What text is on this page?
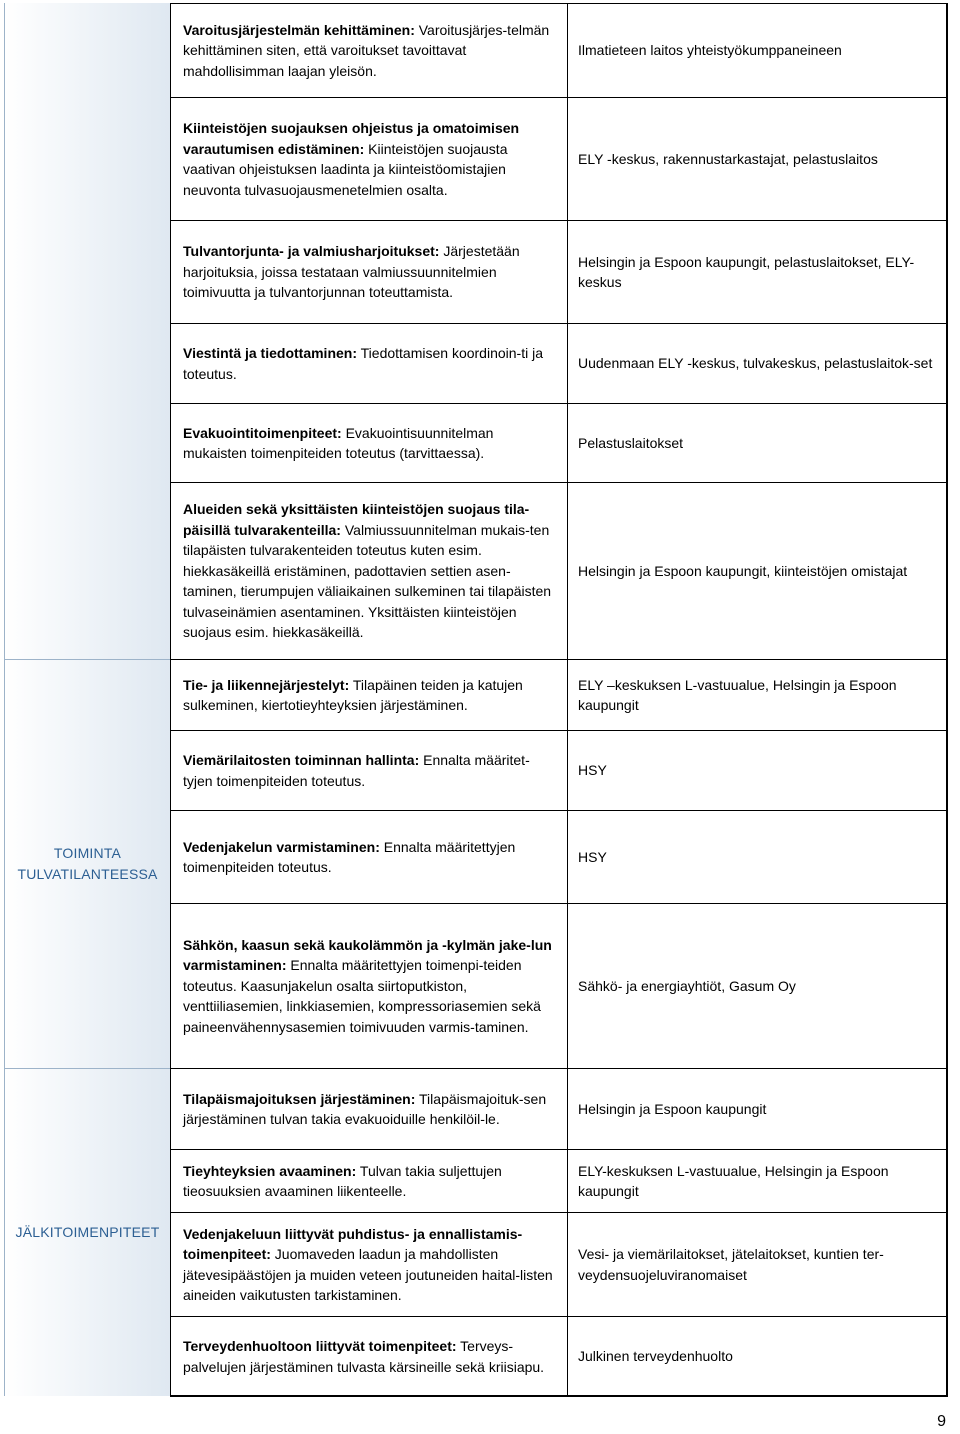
TOIMINTA
TULVATILANTEESSA
JÄLKITOIMENPITEET
Varoitusjärjestelmän kehittäminen: Varoitusjärjes-telmän kehittäminen siten, että varoitukset tavoittavat mahdollisimman laajan yleisön.
Ilmatieteen laitos yhteistyökumppaneineen
Kiinteistöjen suojauksen ohjeistus ja omatoimisen varautumisen edistäminen: Kiinteistöjen suojausta vaativan ohjeistuksen laadinta ja kiinteistöomistajien neuvonta tulvasuojausmenetelmien osalta.
ELY -keskus, rakennustarkastajat, pelastuslaitos
Tulvantorjunta- ja valmiusharjoitukset: Järjestetään harjoituksia, joissa testataan valmiussuunnitelmien toimivuutta ja tulvantorjunnan toteuttamista.
Helsingin ja Espoon kaupungit, pelastuslaitokset, ELY-keskus
Viestintä ja tiedottaminen: Tiedottamisen koordinoin-ti ja toteutus.
Uudenmaan ELY -keskus, tulvakeskus, pelastuslaitok-set
Evakuointitoimenpiteet: Evakuointisuunnitelman mukaisten toimenpiteiden toteutus (tarvittaessa).
Pelastuslaitokset
Alueiden sekä yksittäisten kiinteistöjen suojaus tila-päisillä tulvarakenteilla: Valmiussuunnitelman mukais-ten tilapäisten tulvarakenteiden toteutus kuten esim. hiekkasäkeillä eristäminen, padottavien settien asen-taminen, tierumpujen väliaikainen sulkeminen tai tilapäisten tulvaseinämien asentaminen. Yksittäisten kiinteistöjen suojaus esim. hiekkasäkeillä.
Helsingin ja Espoon kaupungit, kiinteistöjen omistajat
Tie- ja liikennejärjestelyt: Tilapäinen teiden ja katujen sulkeminen, kiertotieyhteyksien järjestäminen.
ELY –keskuksen L-vastuualue, Helsingin ja Espoon kaupungit
Viemärilaitosten toiminnan hallinta: Ennalta määritet-tyjen toimenpiteiden toteutus.
HSY
Vedenjakelun varmistaminen: Ennalta määritettyjen toimenpiteiden toteutus.
HSY
Sähkön, kaasun sekä kaukolämmön ja -kylmän jake-lun varmistaminen: Ennalta määritettyjen toimenpi-teiden toteutus. Kaasunjakelun osalta siirtoputkiston, venttiiliasemien, linkkiasemien, kompressoriasemien sekä paineenvähennysasemien toimivuuden varmis-taminen.
Sähkö- ja energiayhtiöt, Gasum Oy
Tilapäismajoituksen järjestäminen: Tilapäismajoituk-sen järjestäminen tulvan takia evakuoiduille henkilöil-le.
Helsingin ja Espoon kaupungit
Tieyhteyksien avaaminen: Tulvan takia suljettujen tieosuuksien avaaminen liikenteelle.
ELY-keskuksen L-vastuualue, Helsingin ja Espoon kaupungit
Vedenjakeluun liittyvät puhdistus- ja ennallistamis-toimenpiteet: Juomaveden laadun ja mahdollisten jätevesipäästöjen ja muiden veteen joutuneiden haital-listen aineiden vaikutusten tarkistaminen.
Vesi- ja viemärilaitokset, jätelaitokset, kuntien ter-veydensuojeluviranomaiset
Terveydenhuoltoon liittyvät toimenpiteet: Terveys-palvelujen järjestäminen tulvasta kärsineille sekä kriisiapu.
Julkinen terveydenhuolto
9
